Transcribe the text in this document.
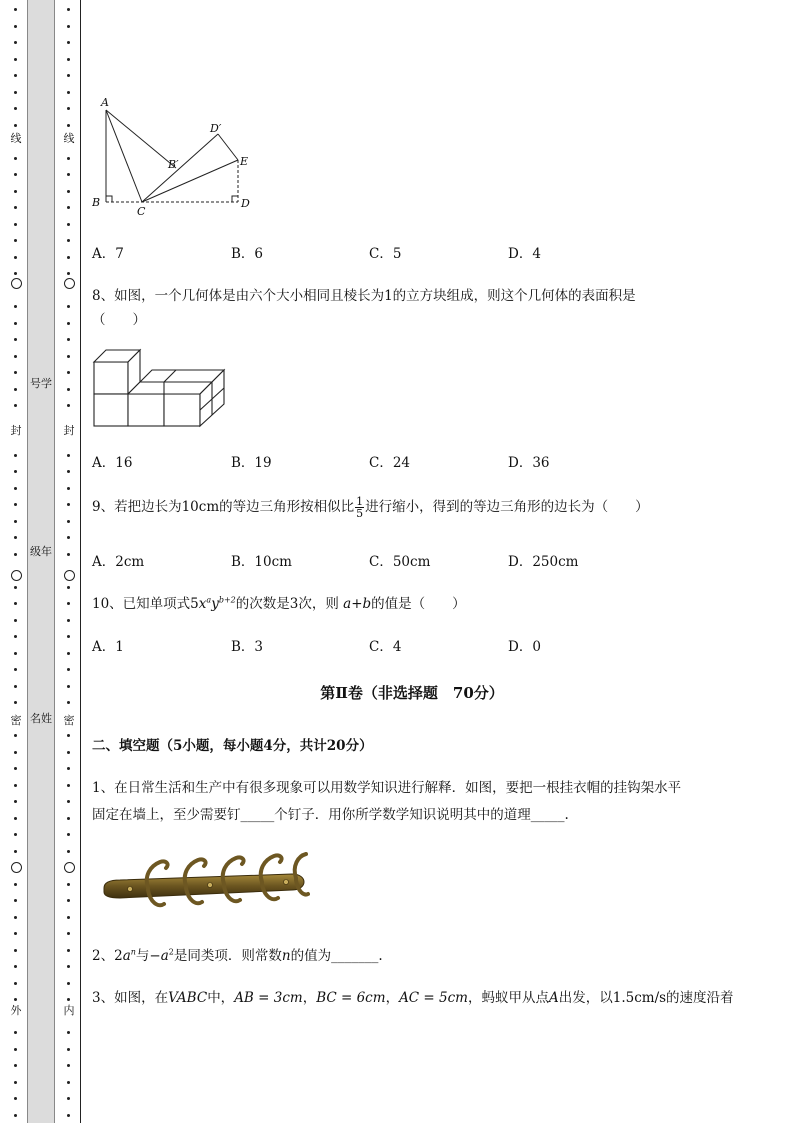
线
封
密
外
号学
级年
名姓
线
封
密
内
A
B
C
D
E
B′
D′
A．7	B．6	C．5	D．4
8、如图，一个几何体是由六个大小相同且棱长为1的立方块组成，则这个几何体的表面积是
（　　）
A．16	B．19	C．24	D．36
9、若把边长为10cm的等边三角形按相似比 $\frac{1}{5}$ 进行缩小，得到的等边三角形的边长为（　　）
A．2cm	B．10cm	C．50cm	D．250cm
10、已知单项式$5x^ay^{b+2}$的次数是3次，则 a+b的值是（　　）
A．1	B．3	C．4	D．0
第Ⅱ卷（非选择题　70分）
二、填空题（5小题，每小题4分，共计20分）
1、在日常生活和生产中有很多现象可以用数学知识进行解释．如图，要把一根挂衣帽的挂钩架水平
固定在墙上，至少需要钉_____个钉子．用你所学数学知识说明其中的道理_____.
2、$2a^n$与$-a^2$是同类项．则常数n的值为_______.
3、如图，在VABC中，AB = 3cm，BC = 6cm，AC = 5cm，蚂蚁甲从点A出发，以1.5cm/s的速度沿着
